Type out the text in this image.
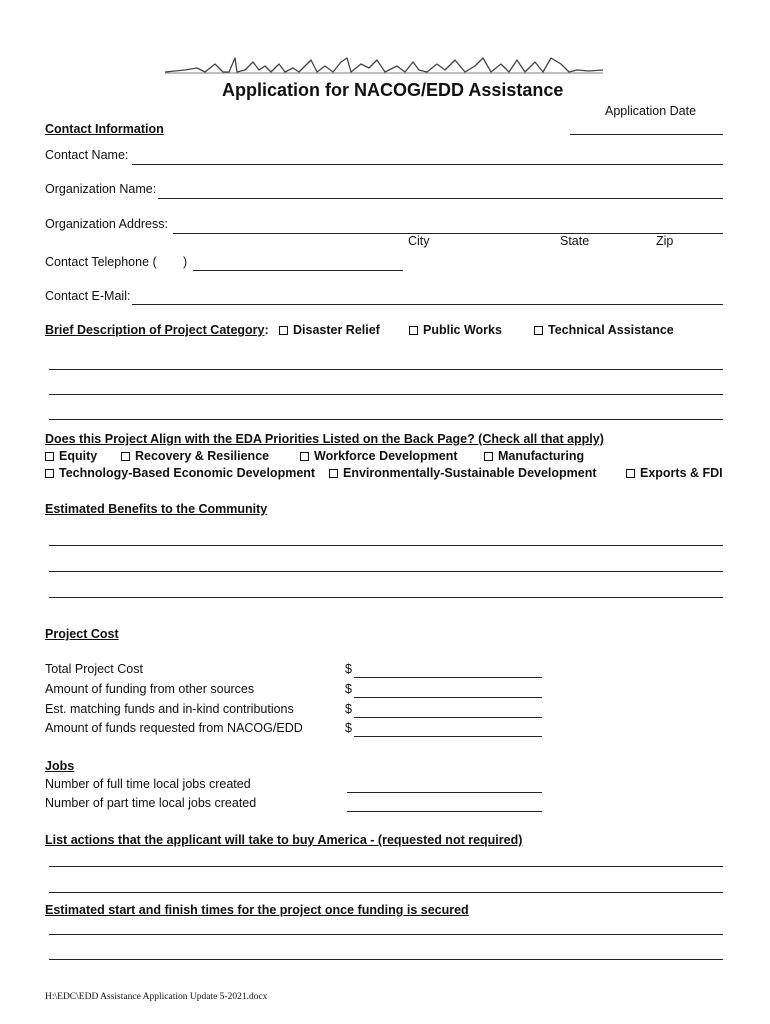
Application for NACOG/EDD Assistance
Application Date
Contact Information
Contact Name:
Organization Name:
Organization Address:
City	State	Zip
Contact Telephone ( )
Contact E-Mail:
Brief Description of Project Category:	Disaster Relief	Public Works	Technical Assistance
Does this Project Align with the EDA Priorities Listed on the Back Page? (Check all that apply)
Equity	Recovery & Resilience	Workforce Development	Manufacturing
Technology-Based Economic Development	Environmentally-Sustainable Development	Exports & FDI
Estimated Benefits to the Community
Project Cost
Total Project Cost	$
Amount of funding from other sources	$
Est. matching funds and in-kind contributions	$
Amount of funds requested from NACOG/EDD	$
Jobs
Number of full time local jobs created
Number of part time local jobs created
List actions that the applicant will take to buy America - (requested not required)
Estimated start and finish times for the project once funding is secured
H:\EDC\EDD Assistance Application Update 5-2021.docx
